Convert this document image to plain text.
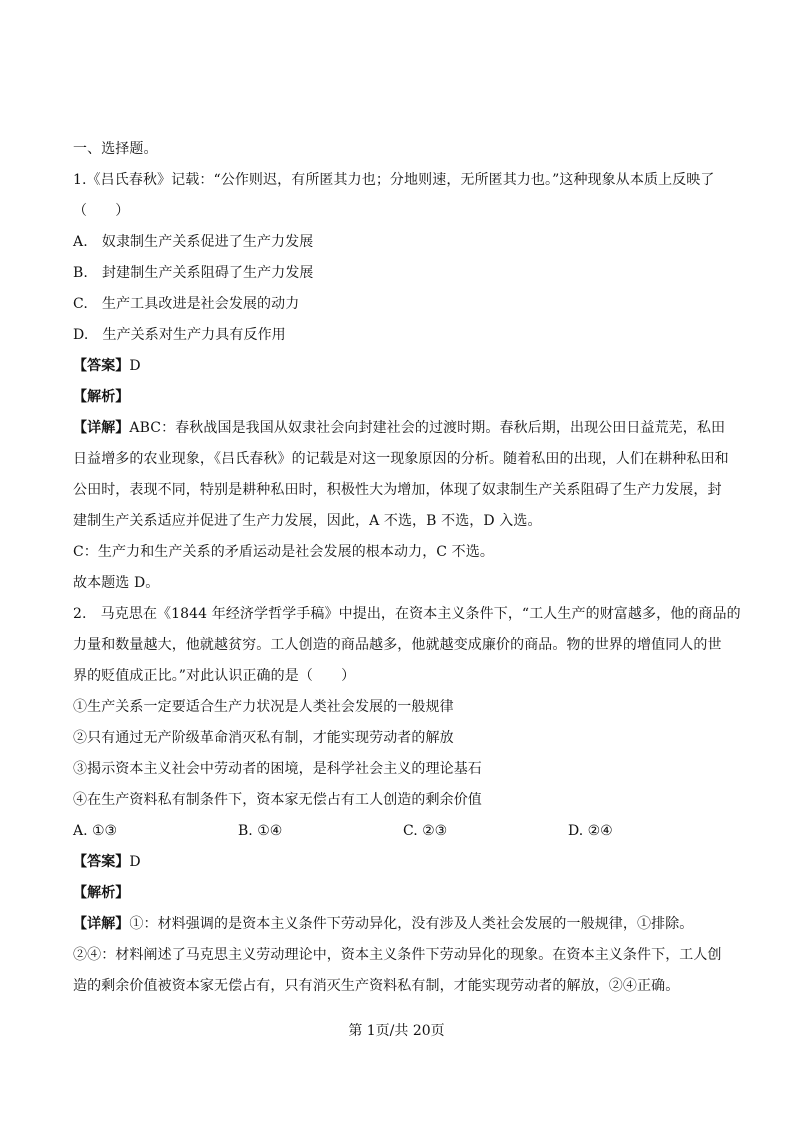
一、选择题。
1.《吕氏春秋》记载：“公作则迟，有所匿其力也；分地则速，无所匿其力也。”这种现象从本质上反映了
（　　）
A.　奴隶制生产关系促进了生产力发展
B.　封建制生产关系阻碍了生产力发展
C.　生产工具改进是社会发展的动力
D.　生产关系对生产力具有反作用
【答案】D
【解析】
【详解】ABC：春秋战国是我国从奴隶社会向封建社会的过渡时期。春秋后期，出现公田日益荒芜，私田
日益增多的农业现象，《吕氏春秋》的记载是对这一现象原因的分析。随着私田的出现，人们在耕种私田和
公田时，表现不同，特别是耕种私田时，积极性大为增加，体现了奴隶制生产关系阻碍了生产力发展，封
建制生产关系适应并促进了生产力发展，因此，A 不选，B 不选，D 入选。
C：生产力和生产关系的矛盾运动是社会发展的根本动力，C 不选。
故本题选 D。
2.　马克思在《1844 年经济学哲学手稿》中提出，在资本主义条件下，“工人生产的财富越多，他的商品的
力量和数量越大，他就越贫穷。工人创造的商品越多，他就越变成廉价的商品。物的世界的增值同人的世
界的贬值成正比。”对此认识正确的是（　　）
①生产关系一定要适合生产力状况是人类社会发展的一般规律
②只有通过无产阶级革命消灭私有制，才能实现劳动者的解放
③揭示资本主义社会中劳动者的困境，是科学社会主义的理论基石
④在生产资料私有制条件下，资本家无偿占有工人创造的剩余价值
A. ①③	B. ①④	C. ②③	D. ②④
【答案】D
【解析】
【详解】①：材料强调的是资本主义条件下劳动异化，没有涉及人类社会发展的一般规律，①排除。
②④：材料阐述了马克思主义劳动理论中，资本主义条件下劳动异化的现象。在资本主义条件下，工人创
造的剩余价值被资本家无偿占有，只有消灭生产资料私有制，才能实现劳动者的解放，②④正确。
第 1页/共 20页
